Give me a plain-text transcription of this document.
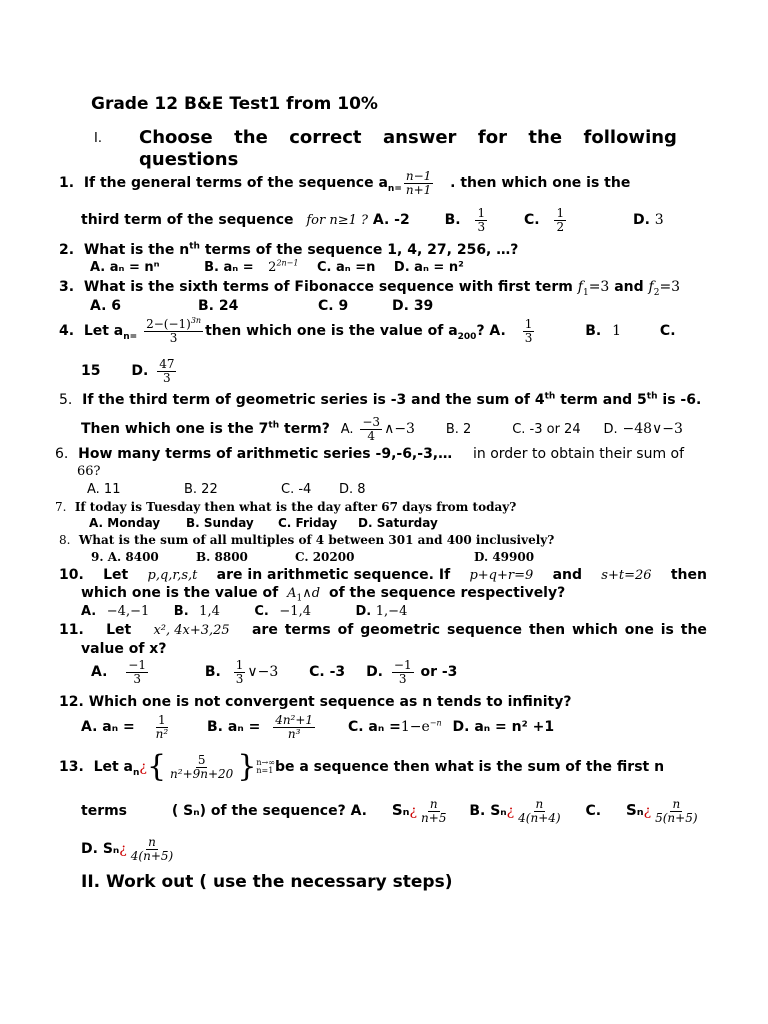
Grade 12 B&E Test1 from 10%
I. Choose the correct answer for the following
questions
1. If the general terms of the sequence $a_{n=} \frac{n-1}{n+1}$ . then which one is the
third term of the sequence for n≥1 ? A. -2 B. $\frac{1}{3}$	C. $\frac{1}{2}$	D. 3
2. What is the $n^{th}$ terms of the sequence 1, 4, 27, 256, …?
A. aₙ = nⁿ	B. $a_n = 2^{2n-1}$ C. aₙ =n D. aₙ = n²
3. What is the sixth terms of Fibonacce sequence with first term $f_1=3$ and $f_2=3$
A. 6	B. 24	C. 9	D. 39
4. Let $a_{n=} \frac{2-(-1)^{3n}}{3}$ then which one is the value of $a_{200}$? A. $\frac{1}{3}$	B. 1	C.
15 D. $\frac{47}{3}$
5. If the third term of geometric series is -3 and the sum of 4th term and 5th is -6.
Then which one is the 7th term? A. $\frac{-3}{4}$ ∧−3 B. 2	C. -3 or 24 D. −48∨−3
6. How many terms of arithmetic series -9,-6,-3,… in order to obtain their sum of
66?
A. 11	B. 22	C. -4 D. 8
7. If today is Tuesday then what is the day after 67 days from today?
A. Monday B. Sunday C. Friday D. Saturday
8. What is the sum of all multiples of 4 between 301 and 400 inclusively?
9. A. 8400	B. 8800	C. 20200	D. 49900
10. Let p,q,r,s,t are in arithmetic sequence. If p+q+r=9 and s+t=26 then
which one is the value of $A_1\wedge d$ of the sequence respectively?
A. −4,−1 B. 1,4	C. −1,4	D. 1,−4
11. Let x², 4x+3,25 are terms of geometric sequence then which one is the
value of x?
A. $\frac{-1}{3}$	B. $\frac{1}{3}$ ∨−3 C. -3 D. $\frac{-1}{3}$ or -3
12. Which one is not convergent sequence as n tends to infinity?
A. $a_n = \frac{1}{\text{n²}}$	B. $a_n = \frac{\text{4n²+1}}{\text{n³}} C$. $a_n =1-e^{-n}$ D. aₙ = n² +1
13. Let $a_n¿\{ \frac{5}{\text{n²+9n+20}}$ } n→∞
n=1 be a sequence then what is the sum of the first n
terms	( Sₙ) of the sequence? A. Sₙ¿ $\frac{n}{n+5} B$. Sₙ¿ $\frac{n}{4(n+4)} C$. Sₙ¿ $\frac{n}{5(n+5)}$
D. Sₙ¿ $\frac{n}{4(n+5)}$
II. Work out ( use the necessary steps)
